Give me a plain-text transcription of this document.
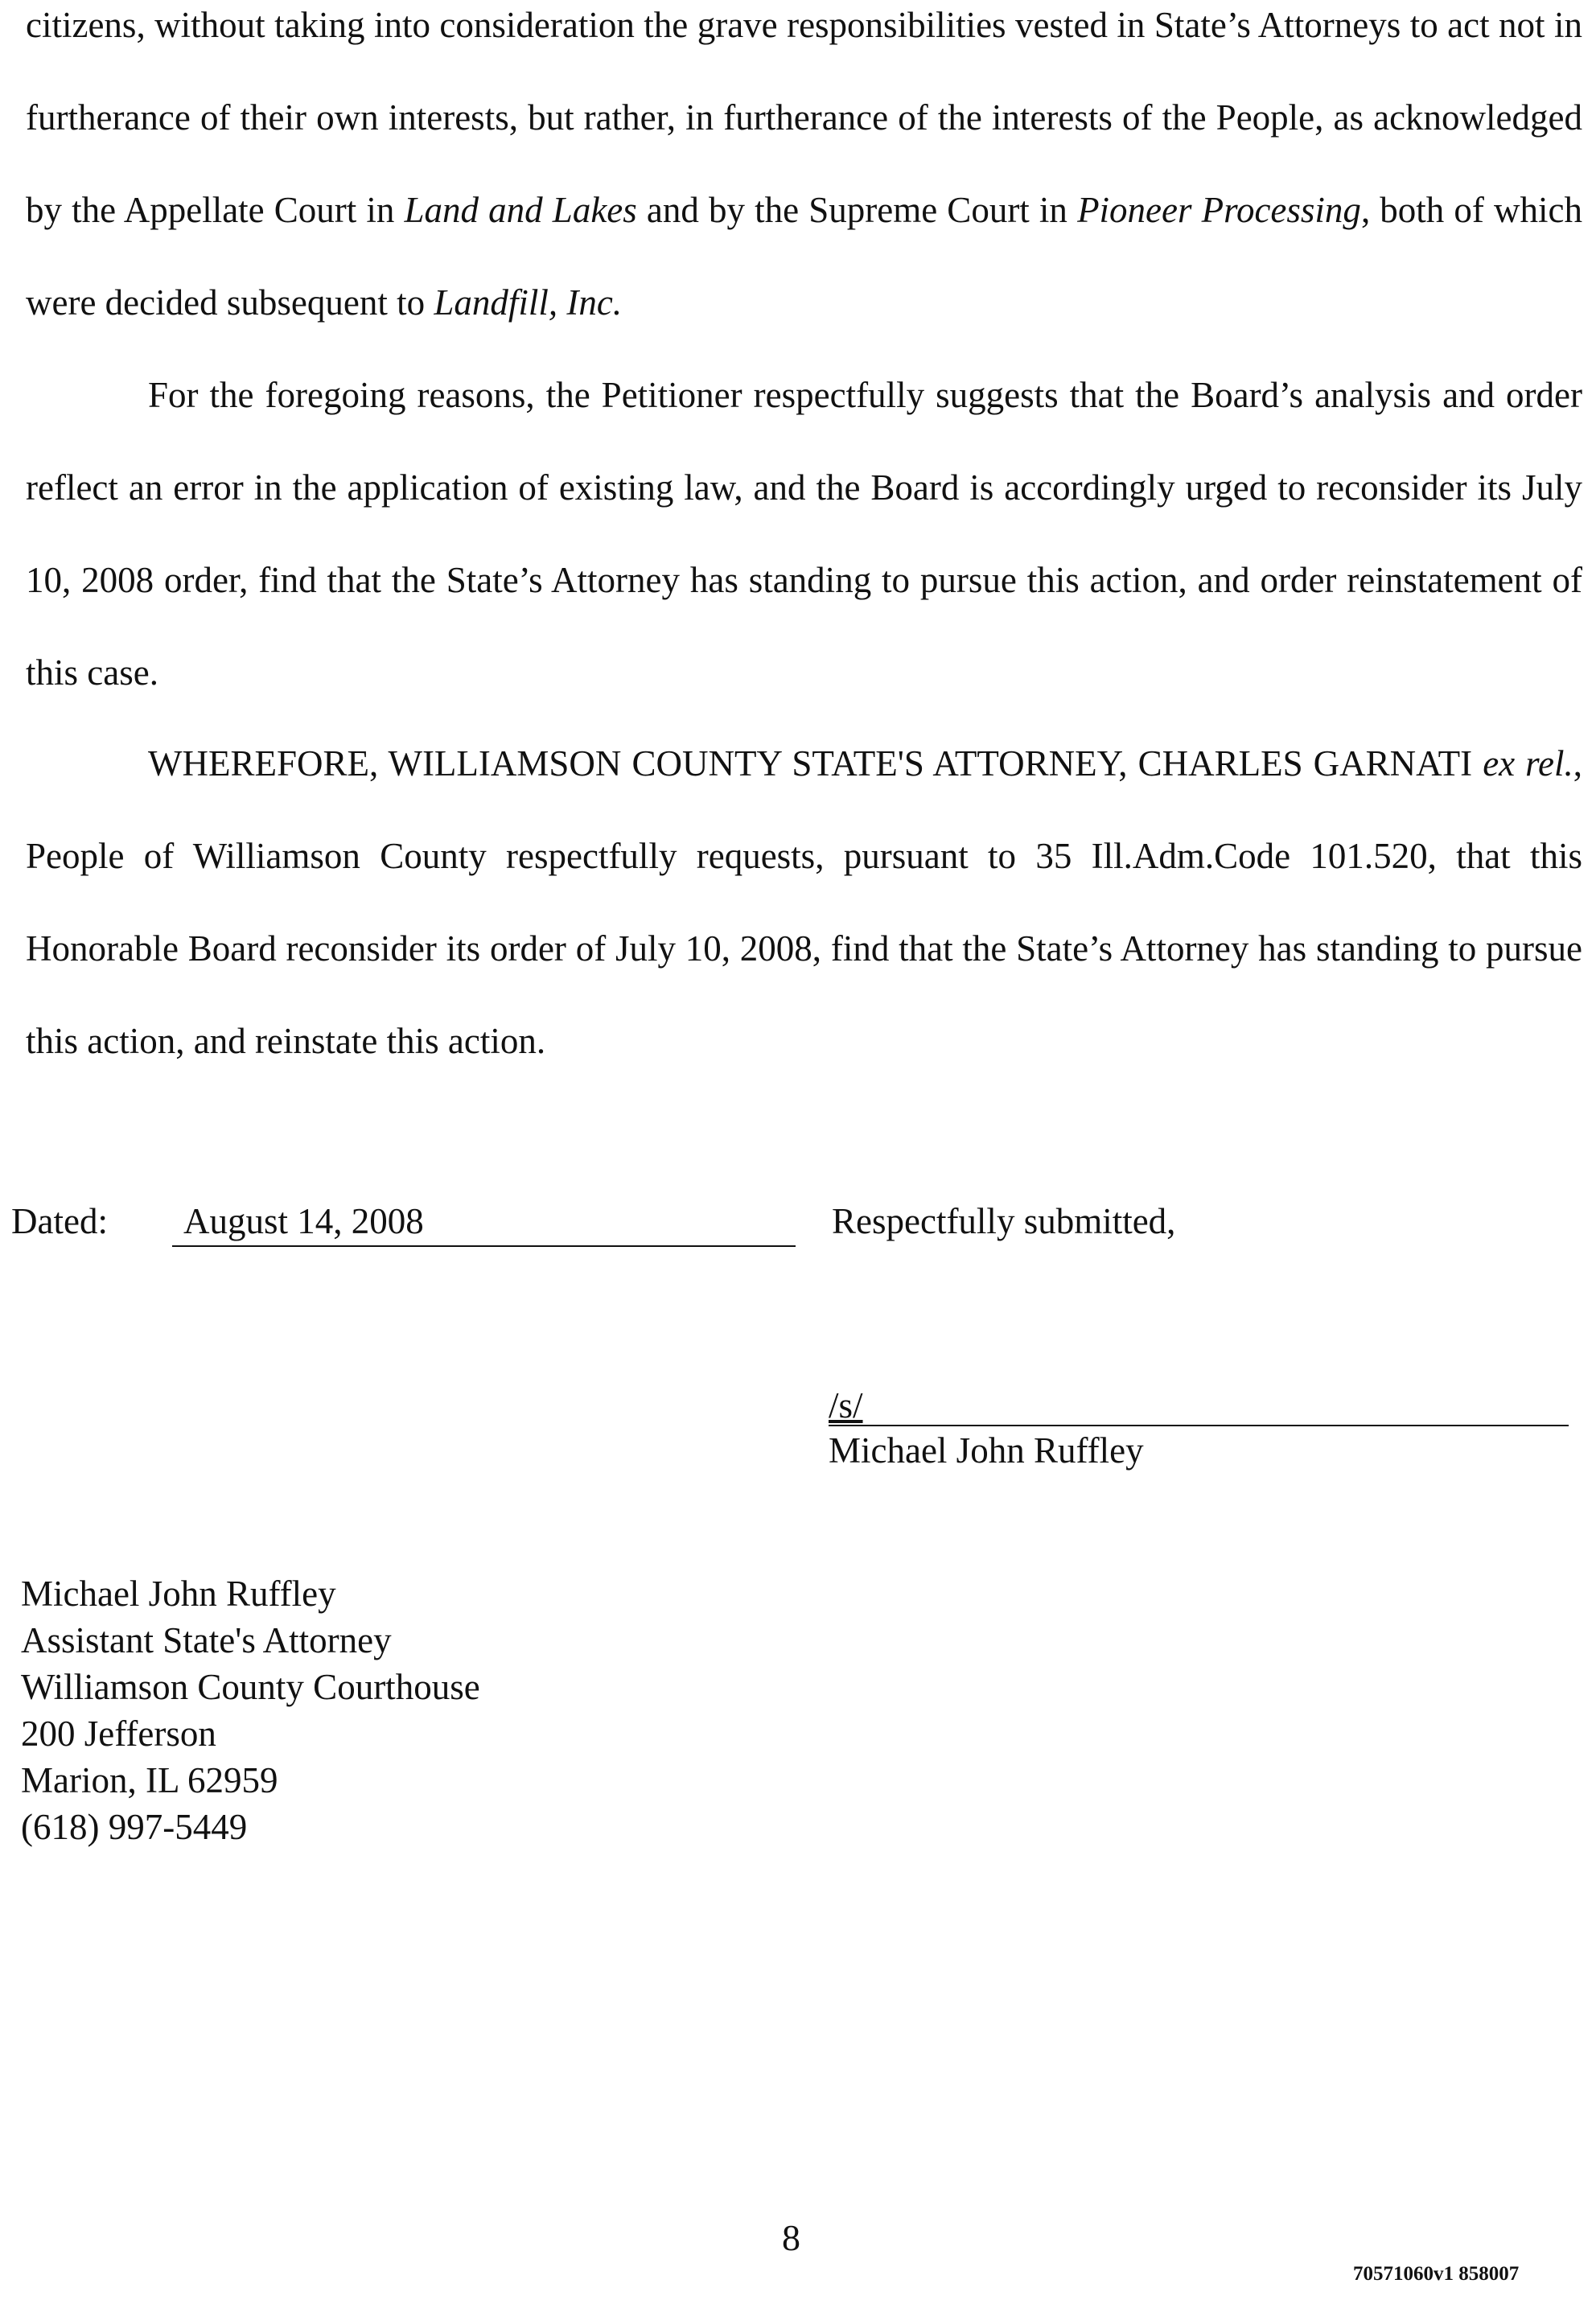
citizens, without taking into consideration the grave responsibilities vested in State’s Attorneys to act not in furtherance of their own interests, but rather, in furtherance of the interests of the People, as acknowledged by the Appellate Court in Land and Lakes and by the Supreme Court in Pioneer Processing, both of which were decided subsequent to Landfill, Inc.

For the foregoing reasons, the Petitioner respectfully suggests that the Board’s analysis and order reflect an error in the application of existing law, and the Board is accordingly urged to reconsider its July 10, 2008 order, find that the State’s Attorney has standing to pursue this action, and order reinstatement of this case.

WHEREFORE, WILLIAMSON COUNTY STATE'S ATTORNEY, CHARLES GARNATI ex rel., People of Williamson County respectfully requests, pursuant to 35 Ill.Adm.Code 101.520, that this Honorable Board reconsider its order of July 10, 2008, find that the State’s Attorney has standing to pursue this action, and reinstate this action.

Dated:	August 14, 2008	Respectfully submitted,
/s/
Michael John Ruffley
Michael John Ruffley
Assistant State's Attorney
Williamson County Courthouse
200 Jefferson
Marion, IL 62959
(618) 997-5449
8
70571060v1 858007
